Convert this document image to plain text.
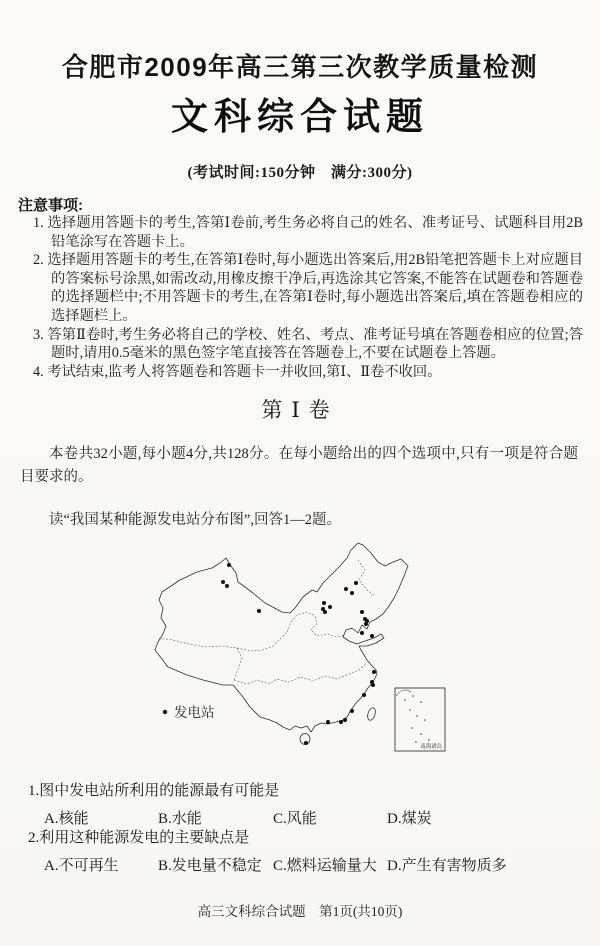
合肥市2009年高三第三次教学质量检测
文科综合试题
(考试时间:150分钟　满分:300分)
注意事项:
1. 选择题用答题卡的考生,答第Ⅰ卷前,考生务必将自己的姓名、准考证号、试题科目用2B铅笔涂写在答题卡上。
2. 选择题用答题卡的考生,在答第Ⅰ卷时,每小题选出答案后,用2B铅笔把答题卡上对应题目的答案标号涂黑,如需改动,用橡皮擦干净后,再选涂其它答案,不能答在试题卷和答题卷的选择题栏中;不用答题卡的考生,在答第Ⅰ卷时,每小题选出答案后,填在答题卷相应的选择题栏上。
3. 答第Ⅱ卷时,考生务必将自己的学校、姓名、考点、准考证号填在答题卷相应的位置;答题时,请用0.5毫米的黑色签字笔直接答在答题卷上,不要在试题卷上答题。
4. 考试结束,监考人将答题卷和答题卡一并收回,第Ⅰ、Ⅱ卷不收回。
第Ⅰ卷
本卷共32小题,每小题4分,共128分。在每小题给出的四个选项中,只有一项是符合题目要求的。
读“我国某种能源发电站分布图”,回答1—2题。
发电站
南海诸岛
1.图中发电站所利用的能源最有可能是
A.核能	B.水能	C.风能	D.煤炭
2.利用这种能源发电的主要缺点是
A.不可再生	B.发电量不稳定 C.燃料运输量大 D.产生有害物质多
高三文科综合试题　第1页(共10页)
